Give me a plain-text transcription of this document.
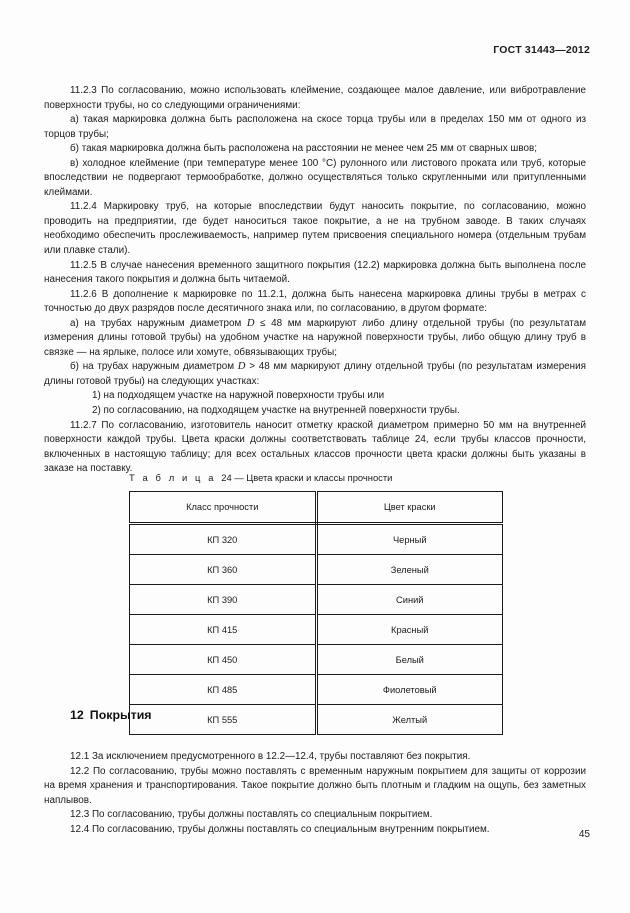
ГОСТ 31443—2012

11.2.3 По согласованию, можно использовать клеймение, создающее малое давление, или вибротравление поверхности трубы, но со следующими ограничениями:

а) такая маркировка должна быть расположена на скосе торца трубы или в пределах 150 мм от одного из торцов трубы;

б) такая маркировка должна быть расположена на расстоянии не менее чем 25 мм от сварных швов;

в) холодное клеймение (при температуре менее 100 °С) рулонного или листового проката или труб, которые впоследствии не подвергают термообработке, должно осуществляться только скругленными или притупленными клеймами.

11.2.4 Маркировку труб, на которые впоследствии будут наносить покрытие, по согласованию, можно проводить на предприятии, где будет наноситься такое покрытие, а не на трубном заводе. В таких случаях необходимо обеспечить прослеживаемость, например путем присвоения специального номера (отдельным трубам или плавке стали).

11.2.5 В случае нанесения временного защитного покрытия (12.2) маркировка должна быть выполнена после нанесения такого покрытия и должна быть читаемой.

11.2.6 В дополнение к маркировке по 11.2.1, должна быть нанесена маркировка длины трубы в метрах с точностью до двух разрядов после десятичного знака или, по согласованию, в другом формате:

а) на трубах наружным диаметром D ≤ 48 мм маркируют либо длину отдельной трубы (по результатам измерения длины готовой трубы) на удобном участке на наружной поверхности трубы, либо общую длину труб в связке — на ярлыке, полосе или хомуте, обвязывающих трубы;

б) на трубах наружным диаметром D > 48 мм маркируют длину отдельной трубы (по результатам измерения длины готовой трубы) на следующих участках:

1) на подходящем участке на наружной поверхности трубы или

2) по согласованию, на подходящем участке на внутренней поверхности трубы.

11.2.7 По согласованию, изготовитель наносит отметку краской диаметром примерно 50 мм на внутренней поверхности каждой трубы. Цвета краски должны соответствовать таблице 24, если трубы классов прочности, включенных в настоящую таблицу; для всех остальных классов прочности цвета краски должны быть указаны в заказе на поставку.

Т а б л и ц а 24 — Цвета краски и классы прочности
Класс прочности	Цвет краски
КП 320	Черный
КП 360	Зеленый
КП 390	Синий
КП 415	Красный
КП 450	Белый
КП 485	Фиолетовый
КП 555	Желтый
12 Покрытия

12.1 За исключением предусмотренного в 12.2—12.4, трубы поставляют без покрытия.

12.2 По согласованию, трубы можно поставлять с временным наружным покрытием для защиты от коррозии на время хранения и транспортирования. Такое покрытие должно быть плотным и гладким на ощупь, без заметных наплывов.

12.3 По согласованию, трубы должны поставлять со специальным покрытием.

12.4 По согласованию, трубы должны поставлять со специальным внутренним покрытием.	45
